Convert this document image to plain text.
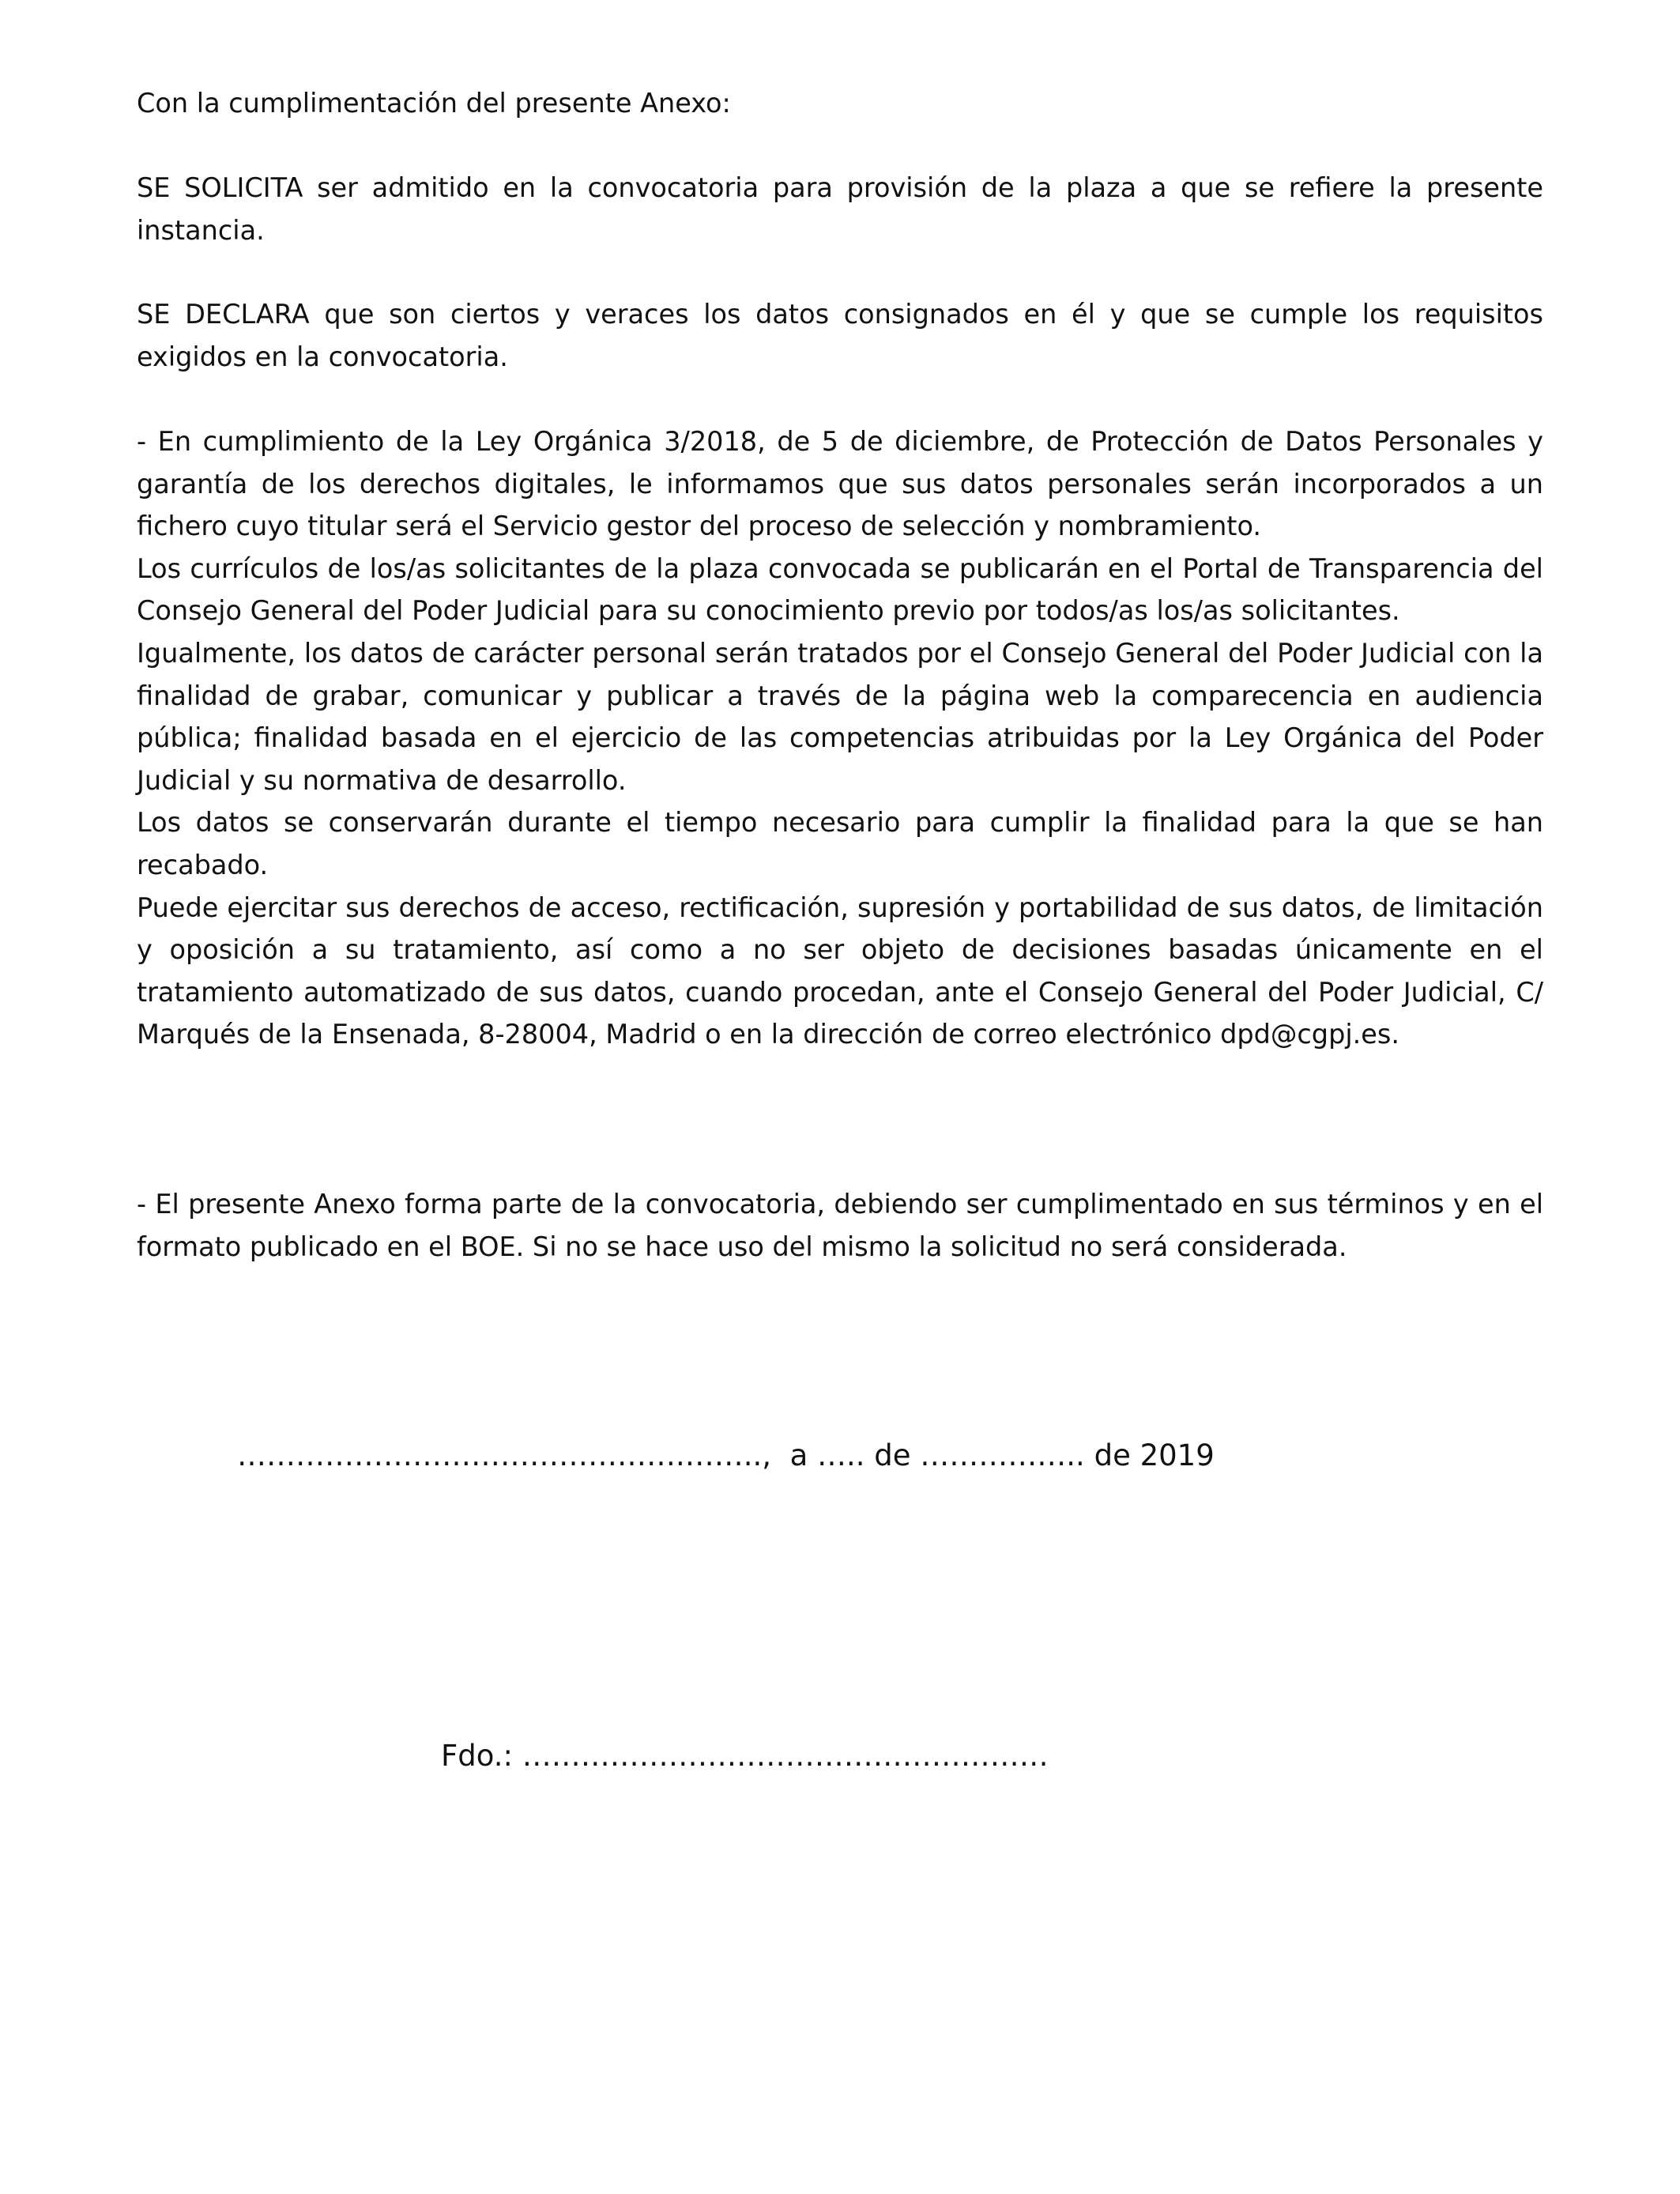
Con la cumplimentación del presente Anexo:

SE SOLICITA ser admitido en la convocatoria para provisión de la plaza a que se refiere la presente instancia.

SE DECLARA que son ciertos y veraces los datos consignados en él y que se cumple los requisitos exigidos en la convocatoria.

- En cumplimiento de la Ley Orgánica 3/2018, de 5 de diciembre, de Protección de Datos Personales y garantía de los derechos digitales, le informamos que sus datos personales serán incorporados a un fichero cuyo titular será el Servicio gestor del proceso de selección y nombramiento.
Los currículos de los/as solicitantes de la plaza convocada se publicarán en el Portal de Transparencia del Consejo General del Poder Judicial para su conocimiento previo por todos/as los/as solicitantes.
Igualmente, los datos de carácter personal serán tratados por el Consejo General del Poder Judicial con la finalidad de grabar, comunicar y publicar a través de la página web la comparecencia en audiencia pública; finalidad basada en el ejercicio de las competencias atribuidas por la Ley Orgánica del Poder Judicial y su normativa de desarrollo.
Los datos se conservarán durante el tiempo necesario para cumplir la finalidad para la que se han recabado.
Puede ejercitar sus derechos de acceso, rectificación, supresión y portabilidad de sus datos, de limitación y oposición a su tratamiento, así como a no ser objeto de decisiones basadas únicamente en el tratamiento automatizado de sus datos, cuando procedan, ante el Consejo General del Poder Judicial, C/ Marqués de la Ensenada, 8-28004, Madrid o en la dirección de correo electrónico dpd@cgpj.es.

- El presente Anexo forma parte de la convocatoria, debiendo ser cumplimentado en sus términos y en el formato publicado en el BOE. Si no se hace uso del mismo la solicitud no será considerada.

……………………………………….……..,  a ….. de …………….. de 2019

Fdo.: ………………………………………………
